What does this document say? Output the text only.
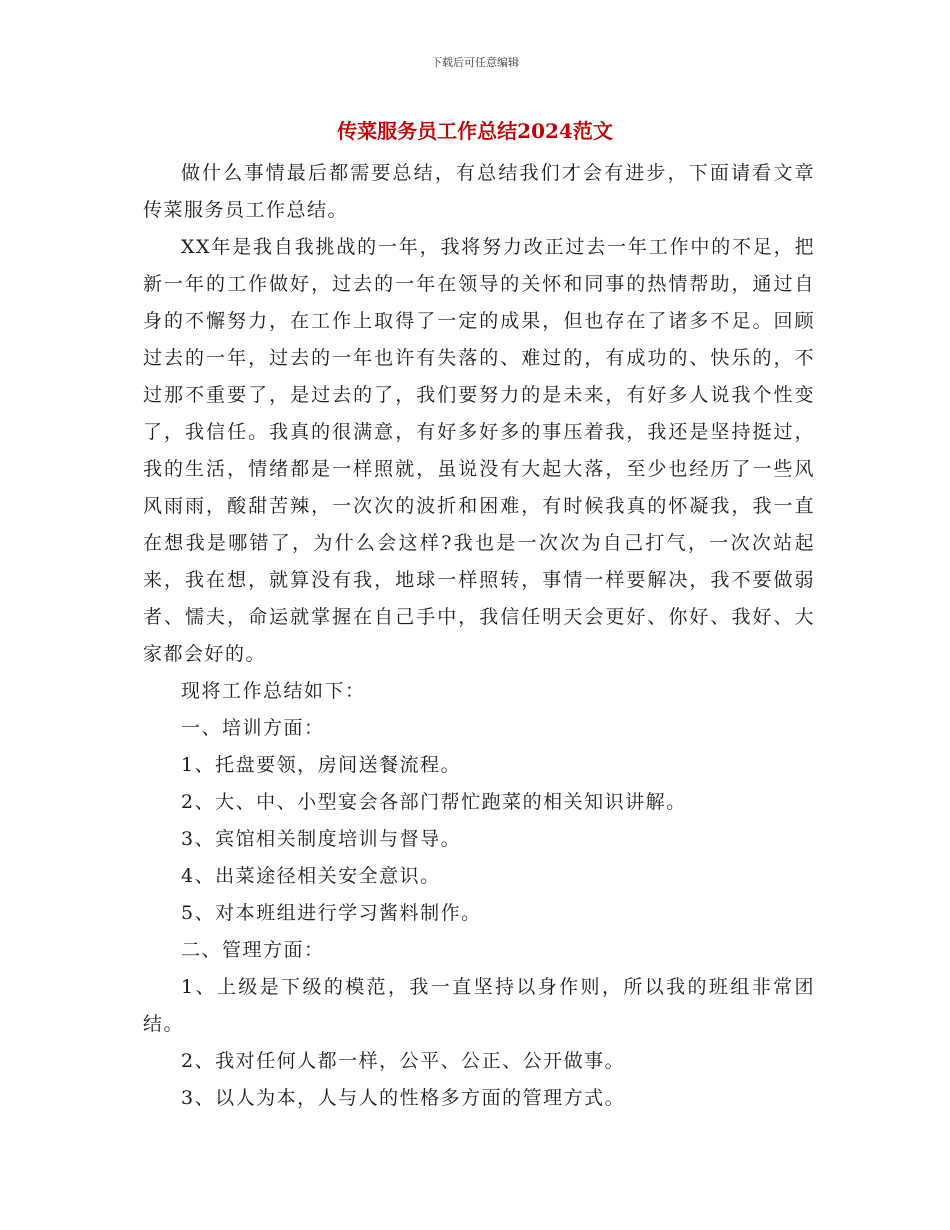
下载后可任意编辑
传菜服务员工作总结2024范文

做什么事情最后都需要总结，有总结我们才会有进步，下面请看文章传菜服务员工作总结。

XX年是我自我挑战的一年，我将努力改正过去一年工作中的不足，把新一年的工作做好，过去的一年在领导的关怀和同事的热情帮助，通过自身的不懈努力，在工作上取得了一定的成果，但也存在了诸多不足。回顾过去的一年，过去的一年也许有失落的、难过的，有成功的、快乐的，不过那不重要了，是过去的了，我们要努力的是未来，有好多人说我个性变了，我信任。我真的很满意，有好多好多的事压着我，我还是坚持挺过，我的生活，情绪都是一样照就，虽说没有大起大落，至少也经历了一些风风雨雨，酸甜苦辣，一次次的波折和困难，有时候我真的怀凝我，我一直在想我是哪错了，为什么会这样?我也是一次次为自己打气，一次次站起来，我在想，就算没有我，地球一样照转，事情一样要解决，我不要做弱者、懦夫，命运就掌握在自己手中，我信任明天会更好、你好、我好、大家都会好的。

现将工作总结如下：

一、培训方面：

1、托盘要领，房间送餐流程。

2、大、中、小型宴会各部门帮忙跑菜的相关知识讲解。

3、宾馆相关制度培训与督导。

4、出菜途径相关安全意识。

5、对本班组进行学习酱料制作。

二、管理方面：

1、上级是下级的模范，我一直坚持以身作则，所以我的班组非常团结。

2、我对任何人都一样，公平、公正、公开做事。

3、以人为本，人与人的性格多方面的管理方式。
